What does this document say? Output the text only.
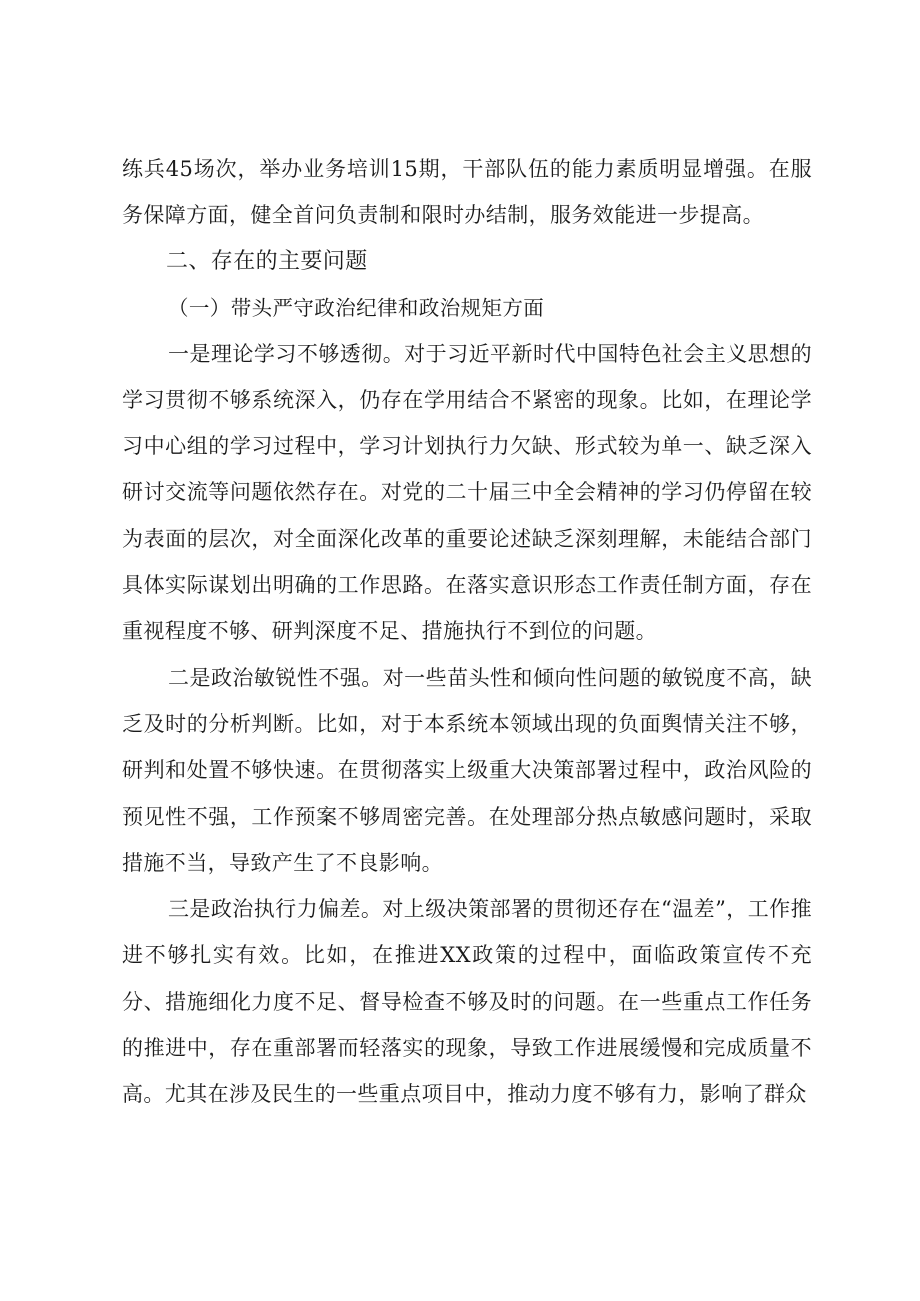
练兵45场次，举办业务培训15期，干部队伍的能力素质明显增强。在服务保障方面，健全首问负责制和限时办结制，服务效能进一步提高。

二、存在的主要问题

（一）带头严守政治纪律和政治规矩方面

一是理论学习不够透彻。对于习近平新时代中国特色社会主义思想的学习贯彻不够系统深入，仍存在学用结合不紧密的现象。比如，在理论学习中心组的学习过程中，学习计划执行力欠缺、形式较为单一、缺乏深入研讨交流等问题依然存在。对党的二十届三中全会精神的学习仍停留在较为表面的层次，对全面深化改革的重要论述缺乏深刻理解，未能结合部门具体实际谋划出明确的工作思路。在落实意识形态工作责任制方面，存在重视程度不够、研判深度不足、措施执行不到位的问题。

二是政治敏锐性不强。对一些苗头性和倾向性问题的敏锐度不高，缺乏及时的分析判断。比如，对于本系统本领域出现的负面舆情关注不够，研判和处置不够快速。在贯彻落实上级重大决策部署过程中，政治风险的预见性不强，工作预案不够周密完善。在处理部分热点敏感问题时，采取措施不当，导致产生了不良影响。

三是政治执行力偏差。对上级决策部署的贯彻还存在“温差”，工作推进不够扎实有效。比如，在推进XX政策的过程中，面临政策宣传不充分、措施细化力度不足、督导检查不够及时的问题。在一些重点工作任务的推进中，存在重部署而轻落实的现象，导致工作进展缓慢和完成质量不高。尤其在涉及民生的一些重点项目中，推动力度不够有力，影响了群众
